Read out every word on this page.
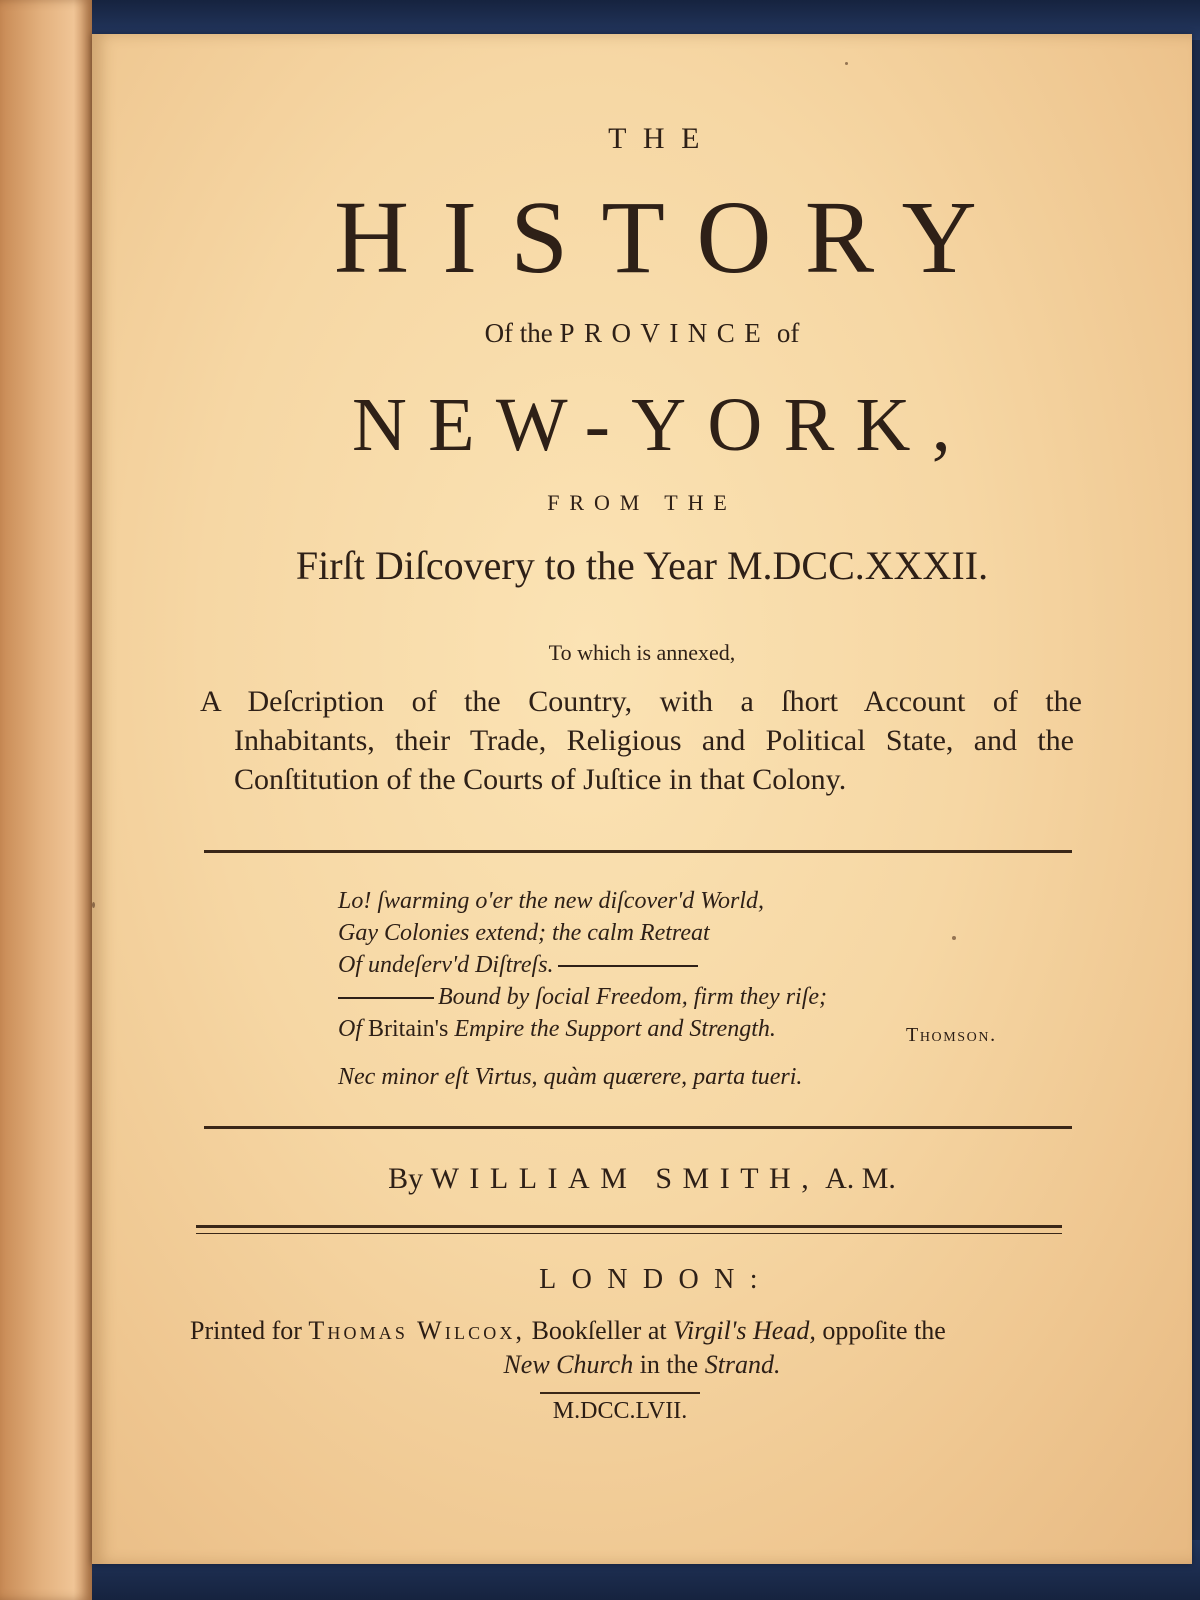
THE
HISTORY
Of the PROVINCE of
NEW-YORK,
FROM THE
Firſt Diſcovery to the Year M.DCC.XXXII.
To which is annexed,
A Deſcription of the Country, with a ſhort Account of the
Inhabitants, their Trade, Religious and Political State, and the
Conſtitution of the Courts of Juſtice in that Colony.
Lo! ſwarming o'er the new diſcover'd World,
Gay Colonies extend; the calm Retreat
Of undeſerv'd Diſtreſs.
Bound by ſocial Freedom, firm they riſe;
Of Britain's Empire the Support and Strength.	Thomson.
Nec minor eſt Virtus, quàm quærere, parta tueri.
By WILLIAM SMITH, A. M.
LONDON:
Printed for Thomas Wilcox, Bookſeller at Virgil's Head, oppoſite the
New Church in the Strand.
M.DCC.LVII.
